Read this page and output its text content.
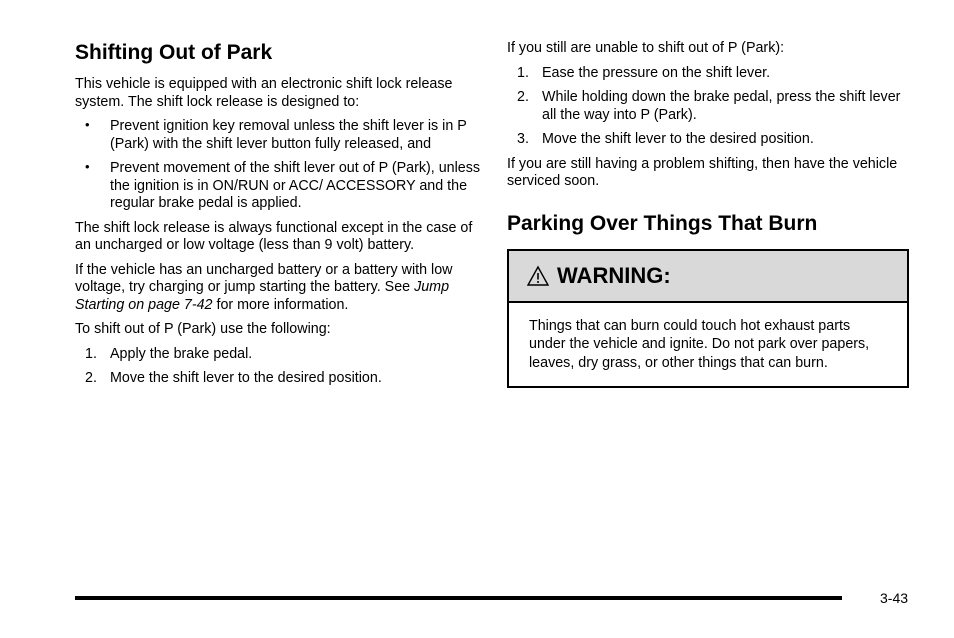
Shifting Out of Park

This vehicle is equipped with an electronic shift lock release system. The shift lock release is designed to:

• Prevent ignition key removal unless the shift lever is in P (Park) with the shift lever button fully released, and
• Prevent movement of the shift lever out of P (Park), unless the ignition is in ON/RUN or ACC/ ACCESSORY and the regular brake pedal is applied.

The shift lock release is always functional except in the case of an uncharged or low voltage (less than 9 volt) battery.

If the vehicle has an uncharged battery or a battery with low voltage, try charging or jump starting the battery. See Jump Starting on page 7-42 for more information.

To shift out of P (Park) use the following:

1. Apply the brake pedal.
2. Move the shift lever to the desired position.

If you still are unable to shift out of P (Park):

1. Ease the pressure on the shift lever.
2. While holding down the brake pedal, press the shift lever all the way into P (Park).
3. Move the shift lever to the desired position.

If you are still having a problem shifting, then have the vehicle serviced soon.

Parking Over Things That Burn
WARNING:

Things that can burn could touch hot exhaust parts under the vehicle and ignite. Do not park over papers, leaves, dry grass, or other things that can burn.

3-43
